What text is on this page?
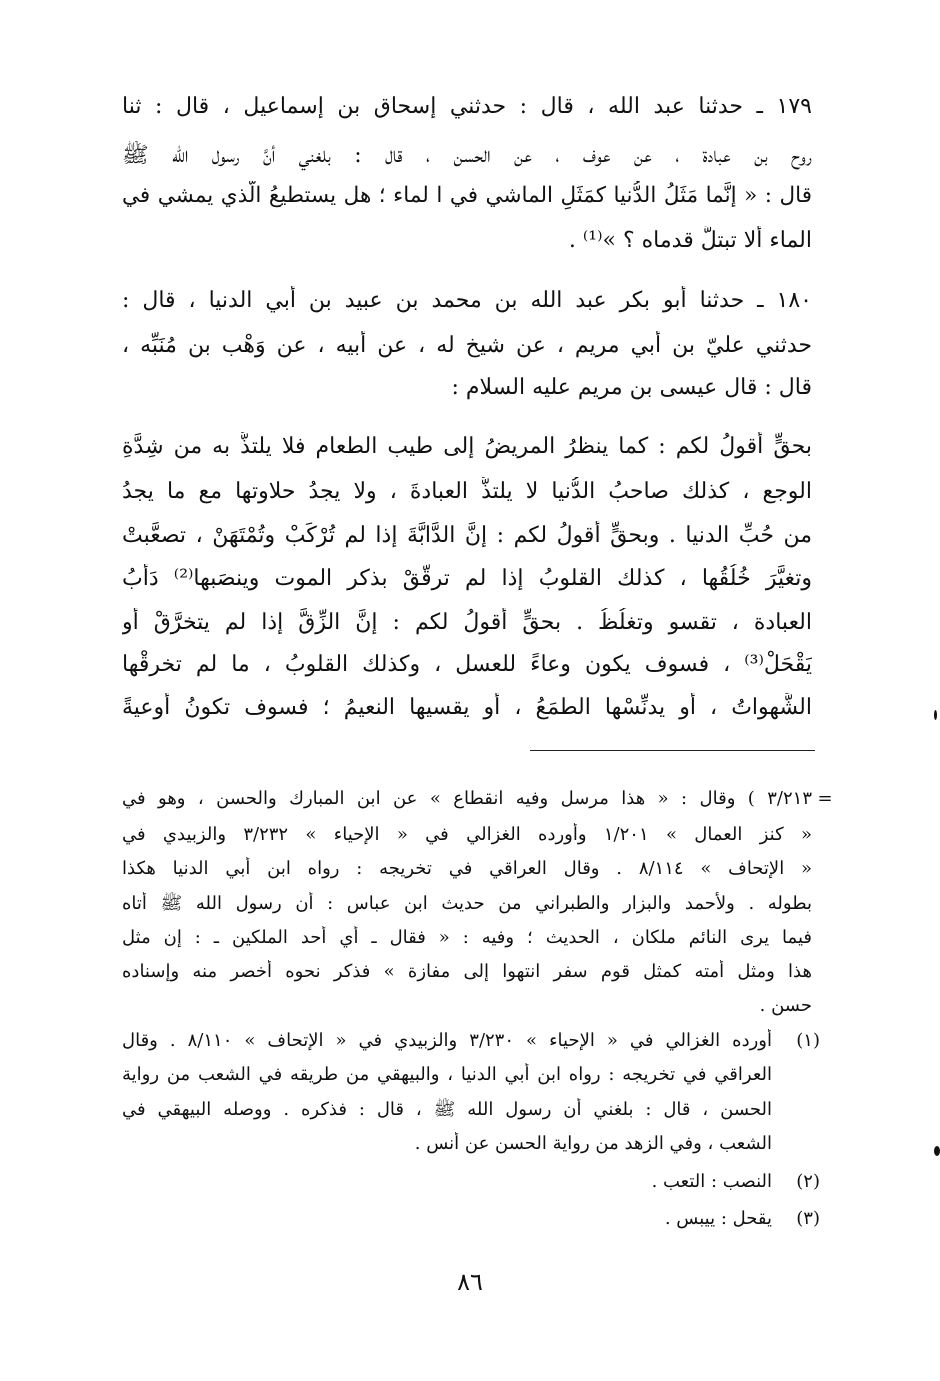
١٧٩ ـ حدثنا عبد الله ، قال : حدثني إسحاق بن إسماعيل ، قال : ثنا
روح بن عبادة ، عن عوف ، عن الحسن ، قال : بلغني أنَّ رسول الله ﷺ
قال : « إنَّما مَثَلُ الدُّنيا كمَثَلِ الماشي في ا لماء ؛ هل يستطيعُ الَّذي يمشي في
الماء ألا تبتلَّ قدماه ؟ »⁽¹⁾ .
١٨٠ ـ حدثنا أبو بكر عبد الله بن محمد بن عبيد بن أبي الدنيا ، قال :
حدثني عليّ بن أبي مريم ، عن شيخ له ، عن أبيه ، عن وَهْب بن مُنَبِّه ،
قال : قال عيسى بن مريم عليه السلام :
بحقٍّ أقولُ لكم : كما ينظرُ المريضُ إلى طيب الطعام فلا يلتذُّ به من شِدَّةِ
الوجع ، كذلك صاحبُ الدُّنيا لا يلتذُّ العبادةَ ، ولا يجدُ حلاوتها مع ما يجدُ
من حُبِّ الدنيا . وبحقٍّ أقولُ لكم : إنَّ الدَّابَّةَ إذا لم تُرْكَبْ وتُمْتَهَنْ ، تصعَّبتْ
وتغيَّرَ خُلُقُها ، كذلك القلوبُ إذا لم ترقَّقْ بذكر الموت وينصَبها⁽²⁾ دَأْبُ
العبادة ، تقسو وتغلُظُ . بحقٍّ أقولُ لكم : إنَّ الزِّقَّ إذا لم يتخرَّقْ أو
يَقْحَلْ⁽³⁾ ، فسوف يكون وعاءً للعسل ، وكذلك القلوبُ ، ما لم تخرقْها
الشَّهواتُ ، أو يدنِّسْها الطمَعُ ، أو يقسيها النعيمُ ؛ فسوف تكونُ أوعيةً
=
٣/٢١٣ ) وقال : « هذا مرسل وفيه انقطاع » عن ابن المبارك والحسن ، وهو في
« كنز العمال » ١/٢٠١ وأورده الغزالي في « الإحياء » ٣/٢٣٢ والزبيدي في
« الإتحاف » ٨/١١٤ . وقال العراقي في تخريجه : رواه ابن أبي الدنيا هكذا
بطوله . ولأحمد والبزار والطبراني من حديث ابن عباس : أن رسول الله ﷺ أتاه
فيما يرى النائم ملكان ، الحديث ؛ وفيه : « فقال ـ أي أحد الملكين ـ : إن مثل
هذا ومثل أمته كمثل قوم سفر انتهوا إلى مفازة » فذكر نحوه أخصر منه وإسناده
حسن .
(١)
أورده الغزالي في « الإحياء » ٣/٢٣٠ والزبيدي في « الإتحاف » ٨/١١٠ . وقال
العراقي في تخريجه : رواه ابن أبي الدنيا ، والبيهقي من طريقه في الشعب من رواية
الحسن ، قال : بلغني أن رسول الله ﷺ ، قال : فذكره . ووصله البيهقي في
الشعب ، وفي الزهد من رواية الحسن عن أنس .
(٢)
النصب : التعب .
(٣)
يقحل : ييبس .
٨٦
